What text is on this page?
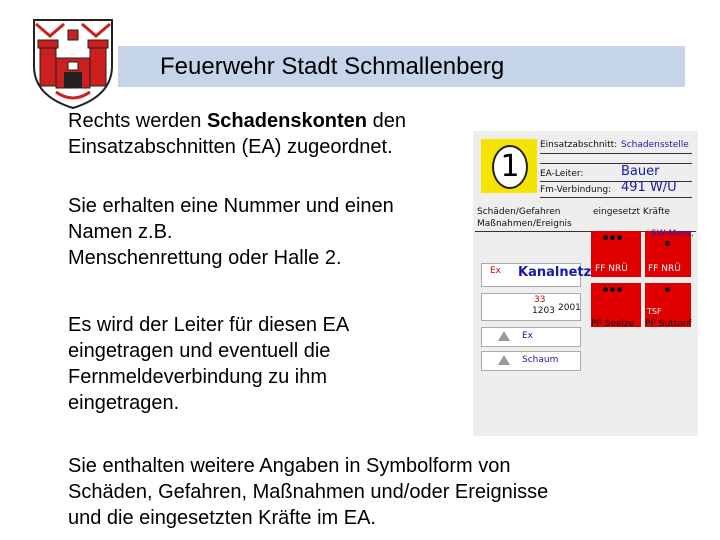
Feuerwehr Stadt Schmallenberg
Rechts werden Schadenskonten den
Einsatzabschnitten (EA) zugeordnet.
Sie erhalten eine Nummer und einen
Namen z.B.
Menschenrettung oder Halle 2.
Es wird der Leiter für diesen EA
eingetragen und eventuell die
Fernmeldeverbindung zu ihm
eingetragen.
Sie enthalten weitere Angaben in Symbolform von
Schäden, Gefahren, Maßnahmen und/oder Ereignisse
und die eingesetzten Kräfte im EA.
1
Einsatzabschnitt: Schadensstelle
EA-Leiter:	Bauer
Fm-Verbindung: 491 W/U
Schäden/Gefahren
Maßnahmen/Ereignis
eingesetzt Kräfte
Ex Kanalnetz
33
1203 2001
Ex
Schaum
FF NRÜ
SW-Mess.
FF NRÜ
PP Soelze
TSF
PP Suttonf
